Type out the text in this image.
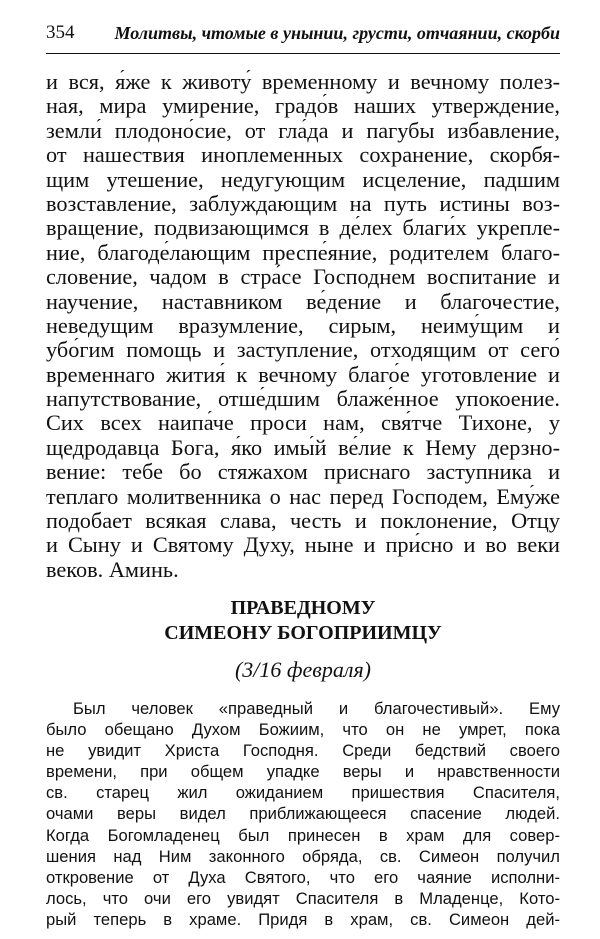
354 Молитвы, чтомые в унынии, грусти, отчаянии, скорби
и вся, я́же к животу́ временному и вечному полез-
ная, мира умирение, градо́в наших утверждение,
земли́ плодоно́сие, от гла́да и пагубы избавление,
от нашествия иноплеменных сохранение, скорбя-
щим утешение, недугующим исцеление, падшим
возставление, заблуждающим на путь истины воз-
вращение, подвизающимся в де́лех благи́х укрепле-
ние, благоде́лающим преспе́яние, родителем благо-
словение, чадом в стра́се Господнем воспитание и
научение, наставником ве́дение и благочестие,
неведущим вразумление, сирым, неиму́щим и
убо́гим помощь и заступление, отходящим от сего́
временнаго жития́ к вечному благо́е уготовление и
напутствование, отше́дшим блаже́нное упокоение.
Сих всех наипа́че проси нам, свя́тче Тихоне, у
щедродавца Бога, я́ко имы́й ве́лие к Нему дерзно-
вение: тебе бо стяжахом приснаго заступника и
теплаго молитвенника о нас перед Господем, Ему́же
подобает всякая слава, честь и поклонение, Отцу
и Сыну и Святому Духу, ныне и при́сно и во веки
веков. Аминь.
ПРАВЕДНОМУ
СИМЕОНУ БОГОПРИИМЦУ
(3/16 февраля)
Был человек «праведный и благочестивый». Ему
было обещано Духом Божиим, что он не умрет, пока
не увидит Христа Господня. Среди бедствий своего
времени, при общем упадке веры и нравственности
св. старец жил ожиданием пришествия Спасителя,
очами веры видел приближающееся спасение людей.
Когда Богомладенец был принесен в храм для совер-
шения над Ним законного обряда, св. Симеон получил
откровение от Духа Святого, что его чаяние исполни-
лось, что очи его увидят Спасителя в Младенце, Кото-
рый теперь в храме. Придя в храм, св. Симеон дей-
